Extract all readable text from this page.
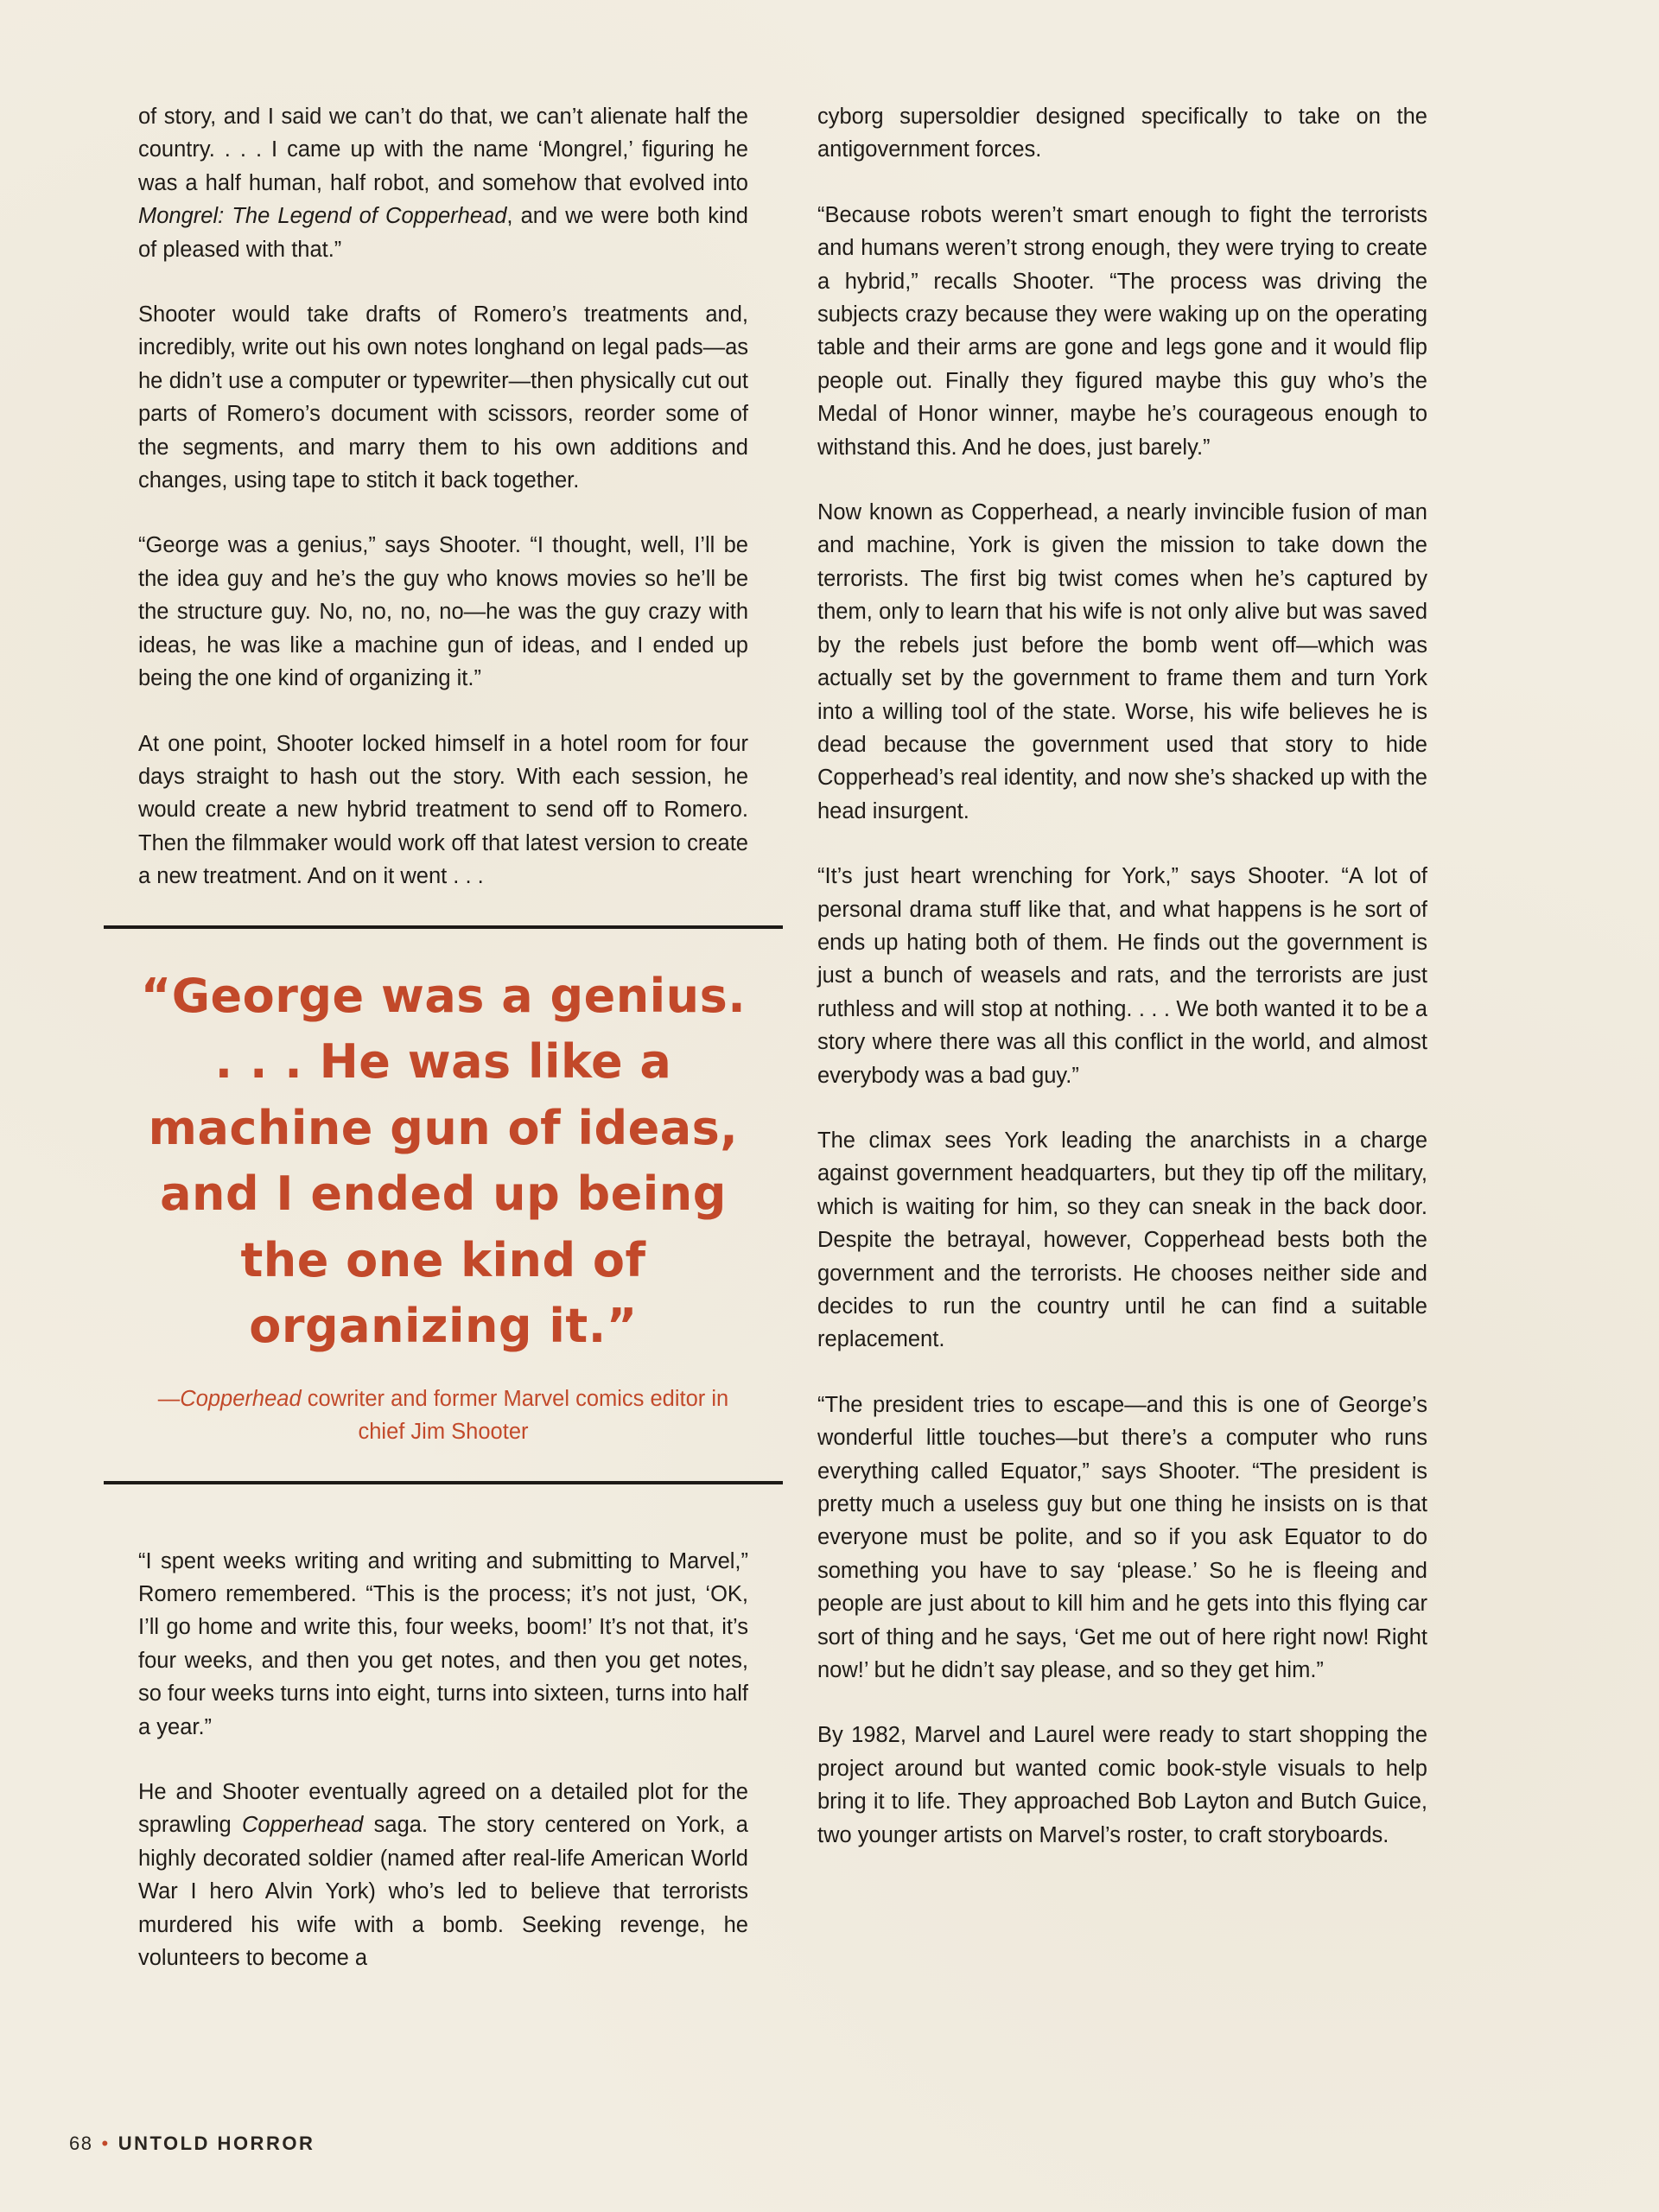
of story, and I said we can’t do that, we can’t alienate half the country. . . . I came up with the name ‘Mongrel,’ figuring he was a half human, half robot, and somehow that evolved into Mongrel: The Legend of Copperhead, and we were both kind of pleased with that.”

Shooter would take drafts of Romero’s treatments and, incredibly, write out his own notes longhand on legal pads—as he didn’t use a computer or typewriter—then physically cut out parts of Romero’s document with scissors, reorder some of the segments, and marry them to his own additions and changes, using tape to stitch it back together.

“George was a genius,” says Shooter. “I thought, well, I’ll be the idea guy and he’s the guy who knows movies so he’ll be the structure guy. No, no, no, no—he was the guy crazy with ideas, he was like a machine gun of ideas, and I ended up being the one kind of organizing it.”

At one point, Shooter locked himself in a hotel room for four days straight to hash out the story. With each session, he would create a new hybrid treatment to send off to Romero. Then the filmmaker would work off that latest version to create a new treatment. And on it went . . .

“George was a genius. . . . He was like a machine gun of ideas, and I ended up being the one kind of organizing it.”
—Copperhead cowriter and former Marvel comics editor in chief Jim Shooter

“I spent weeks writing and writing and submitting to Marvel,” Romero remembered. “This is the process; it’s not just, ‘OK, I’ll go home and write this, four weeks, boom!’ It’s not that, it’s four weeks, and then you get notes, and then you get notes, so four weeks turns into eight, turns into sixteen, turns into half a year.”

He and Shooter eventually agreed on a detailed plot for the sprawling Copperhead saga. The story centered on York, a highly decorated soldier (named after real-life American World War I hero Alvin York) who’s led to believe that terrorists murdered his wife with a bomb. Seeking revenge, he volunteers to become a

cyborg supersoldier designed specifically to take on the antigovernment forces.

“Because robots weren’t smart enough to fight the terrorists and humans weren’t strong enough, they were trying to create a hybrid,” recalls Shooter. “The process was driving the subjects crazy because they were waking up on the operating table and their arms are gone and legs gone and it would flip people out. Finally they figured maybe this guy who’s the Medal of Honor winner, maybe he’s courageous enough to withstand this. And he does, just barely.”

Now known as Copperhead, a nearly invincible fusion of man and machine, York is given the mission to take down the terrorists. The first big twist comes when he’s captured by them, only to learn that his wife is not only alive but was saved by the rebels just before the bomb went off—which was actually set by the government to frame them and turn York into a willing tool of the state. Worse, his wife believes he is dead because the government used that story to hide Copperhead’s real identity, and now she’s shacked up with the head insurgent.

“It’s just heart wrenching for York,” says Shooter. “A lot of personal drama stuff like that, and what happens is he sort of ends up hating both of them. He finds out the government is just a bunch of weasels and rats, and the terrorists are just ruthless and will stop at nothing. . . . We both wanted it to be a story where there was all this conflict in the world, and almost everybody was a bad guy.”

The climax sees York leading the anarchists in a charge against government headquarters, but they tip off the military, which is waiting for him, so they can sneak in the back door. Despite the betrayal, however, Copperhead bests both the government and the terrorists. He chooses neither side and decides to run the country until he can find a suitable replacement.

“The president tries to escape—and this is one of George’s wonderful little touches—but there’s a computer who runs everything called Equator,” says Shooter. “The president is pretty much a useless guy but one thing he insists on is that everyone must be polite, and so if you ask Equator to do something you have to say ‘please.’ So he is fleeing and people are just about to kill him and he gets into this flying car sort of thing and he says, ‘Get me out of here right now! Right now!’ but he didn’t say please, and so they get him.”

By 1982, Marvel and Laurel were ready to start shopping the project around but wanted comic book-style visuals to help bring it to life. They approached Bob Layton and Butch Guice, two younger artists on Marvel’s roster, to craft storyboards.

68 • UNTOLD HORROR
